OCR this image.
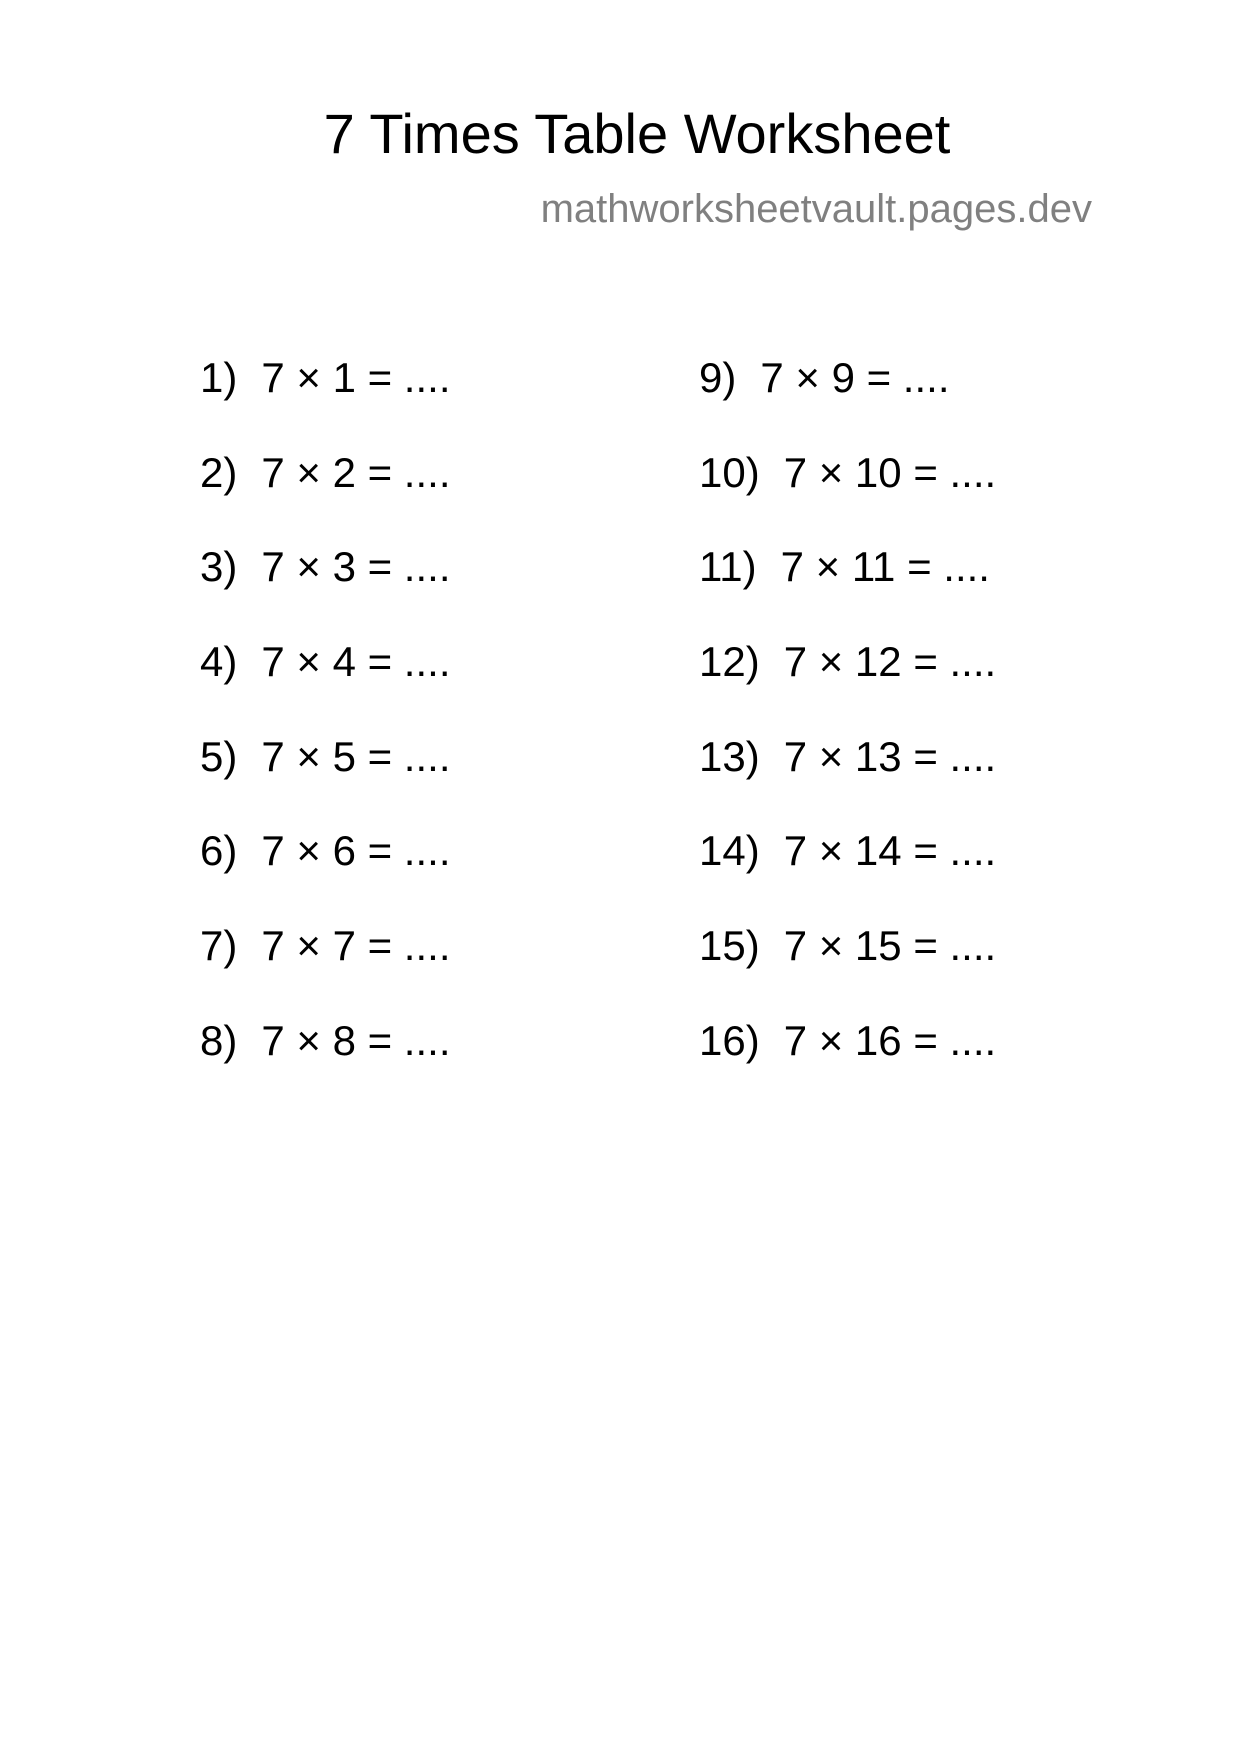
7 Times Table Worksheet
mathworksheetvault.pages.dev
1) 7 × 1 = ....
2) 7 × 2 = ....
3) 7 × 3 = ....
4) 7 × 4 = ....
5) 7 × 5 = ....
6) 7 × 6 = ....
7) 7 × 7 = ....
8) 7 × 8 = ....
9) 7 × 9 = ....
10) 7 × 10 = ....
11) 7 × 11 = ....
12) 7 × 12 = ....
13) 7 × 13 = ....
14) 7 × 14 = ....
15) 7 × 15 = ....
16) 7 × 16 = ....
